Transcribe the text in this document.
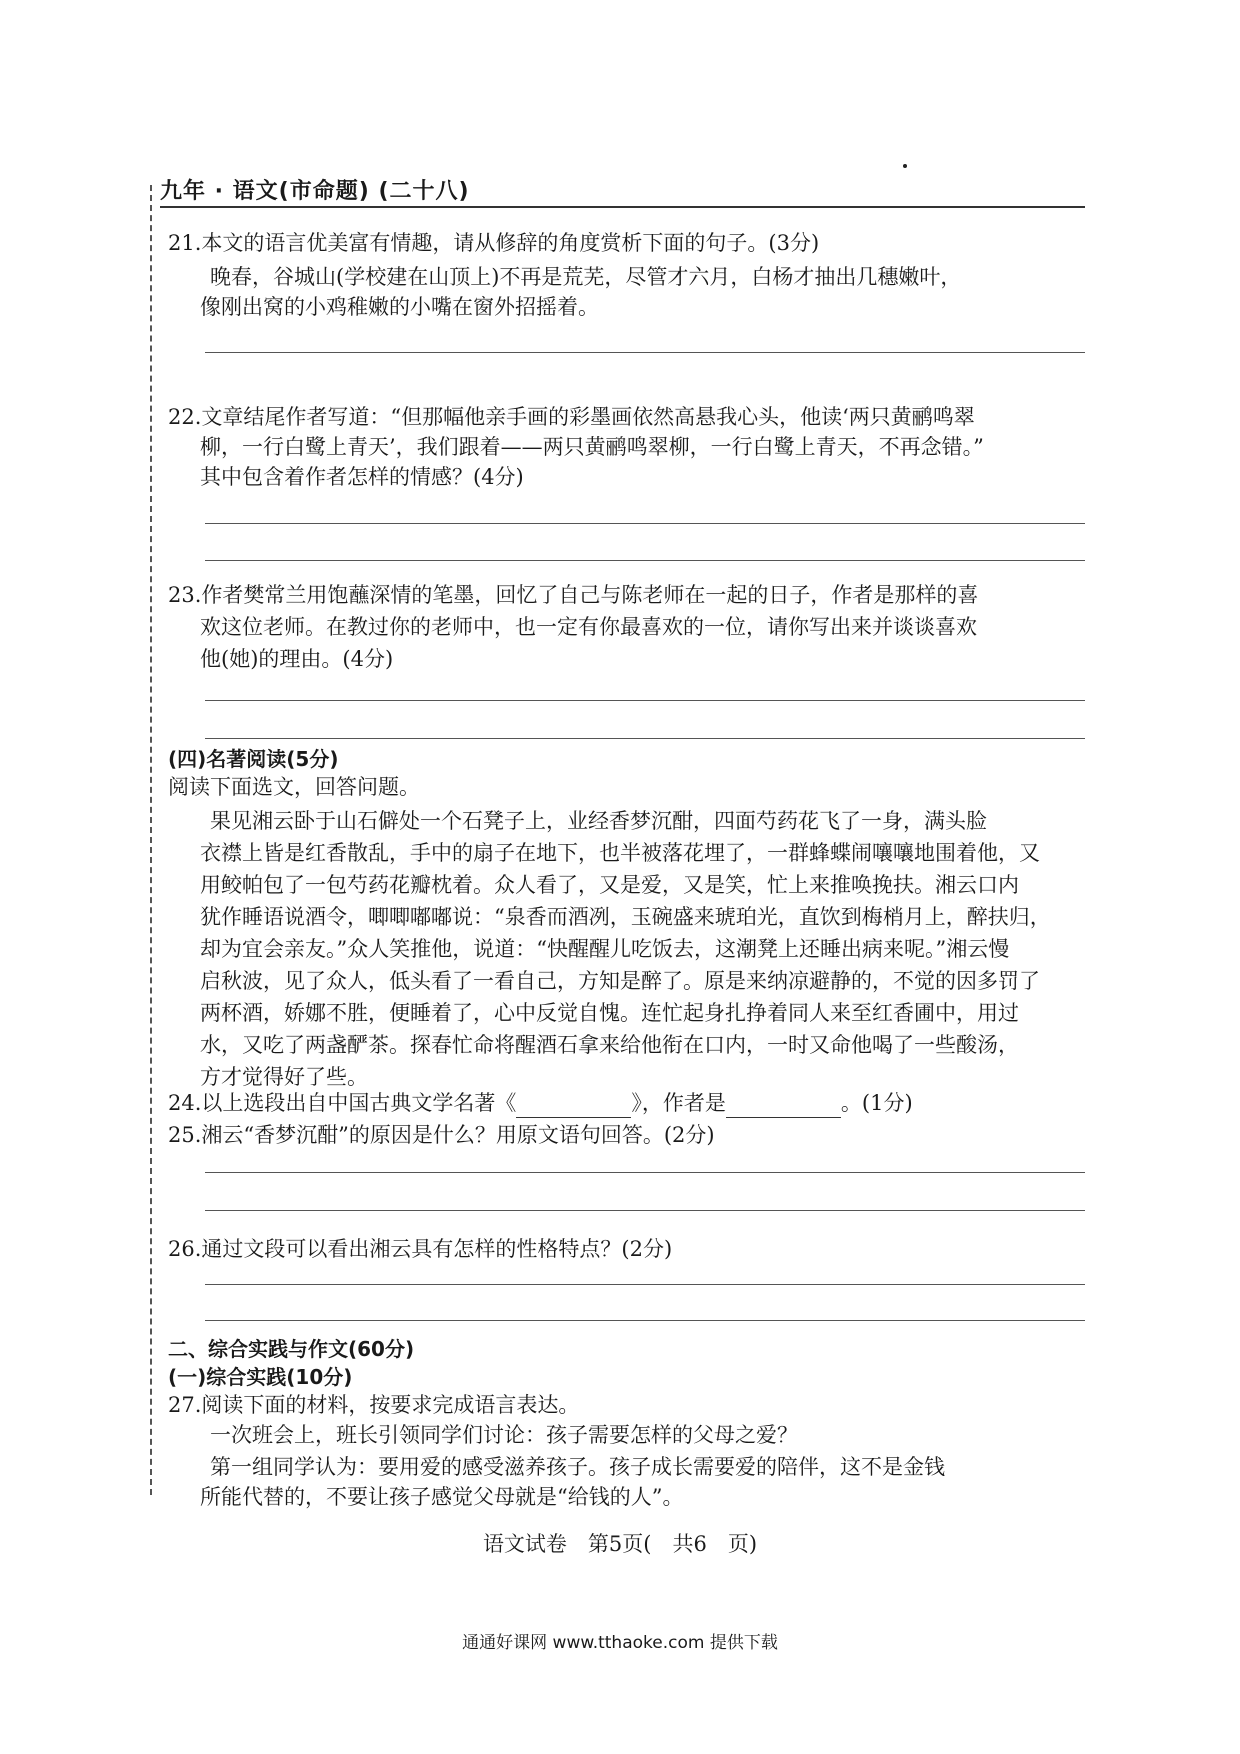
九年 · 语文(市命题) (二十八)
21.本文的语言优美富有情趣，请从修辞的角度赏析下面的句子。(3分)
晚春，谷城山(学校建在山顶上)不再是荒芜，尽管才六月，白杨才抽出几穗嫩叶，
像刚出窝的小鸡稚嫩的小嘴在窗外招摇着。
22.文章结尾作者写道：“但那幅他亲手画的彩墨画依然高悬我心头，他读‘两只黄鹂鸣翠
柳，一行白鹭上青天’，我们跟着——两只黄鹂鸣翠柳，一行白鹭上青天，不再念错。”
其中包含着作者怎样的情感？(4分)
23.作者樊常兰用饱蘸深情的笔墨，回忆了自己与陈老师在一起的日子，作者是那样的喜
欢这位老师。在教过你的老师中，也一定有你最喜欢的一位，请你写出来并谈谈喜欢
他(她)的理由。(4分)
(四)名著阅读(5分)
阅读下面选文，回答问题。
果见湘云卧于山石僻处一个石凳子上，业经香梦沉酣，四面芍药花飞了一身，满头脸
衣襟上皆是红香散乱，手中的扇子在地下，也半被落花埋了，一群蜂蝶闹嚷嚷地围着他，又
用鲛帕包了一包芍药花瓣枕着。众人看了，又是爱，又是笑，忙上来推唤挽扶。湘云口内
犹作睡语说酒令，唧唧嘟嘟说：“泉香而酒冽，玉碗盛来琥珀光，直饮到梅梢月上，醉扶归，
却为宜会亲友。”众人笑推他，说道：“快醒醒儿吃饭去，这潮凳上还睡出病来呢。”湘云慢
启秋波，见了众人，低头看了一看自己，方知是醉了。原是来纳凉避静的，不觉的因多罚了
两杯酒，娇娜不胜，便睡着了，心中反觉自愧。连忙起身扎挣着同人来至红香圃中，用过
水，又吃了两盏酽茶。探春忙命将醒酒石拿来给他衔在口内，一时又命他喝了一些酸汤，
方才觉得好了些。
24.以上选段出自中国古典文学名著《	》，作者是	。(1分)
25.湘云“香梦沉酣”的原因是什么？用原文语句回答。(2分)
26.通过文段可以看出湘云具有怎样的性格特点？(2分)
二、综合实践与作文(60分)
(一)综合实践(10分)
27.阅读下面的材料，按要求完成语言表达。
一次班会上，班长引领同学们讨论：孩子需要怎样的父母之爱？
第一组同学认为：要用爱的感受滋养孩子。孩子成长需要爱的陪伴，这不是金钱
所能代替的，不要让孩子感觉父母就是“给钱的人”。
语文试卷　第5页(　共6　页)
通通好课网 www.tthaoke.com 提供下载
